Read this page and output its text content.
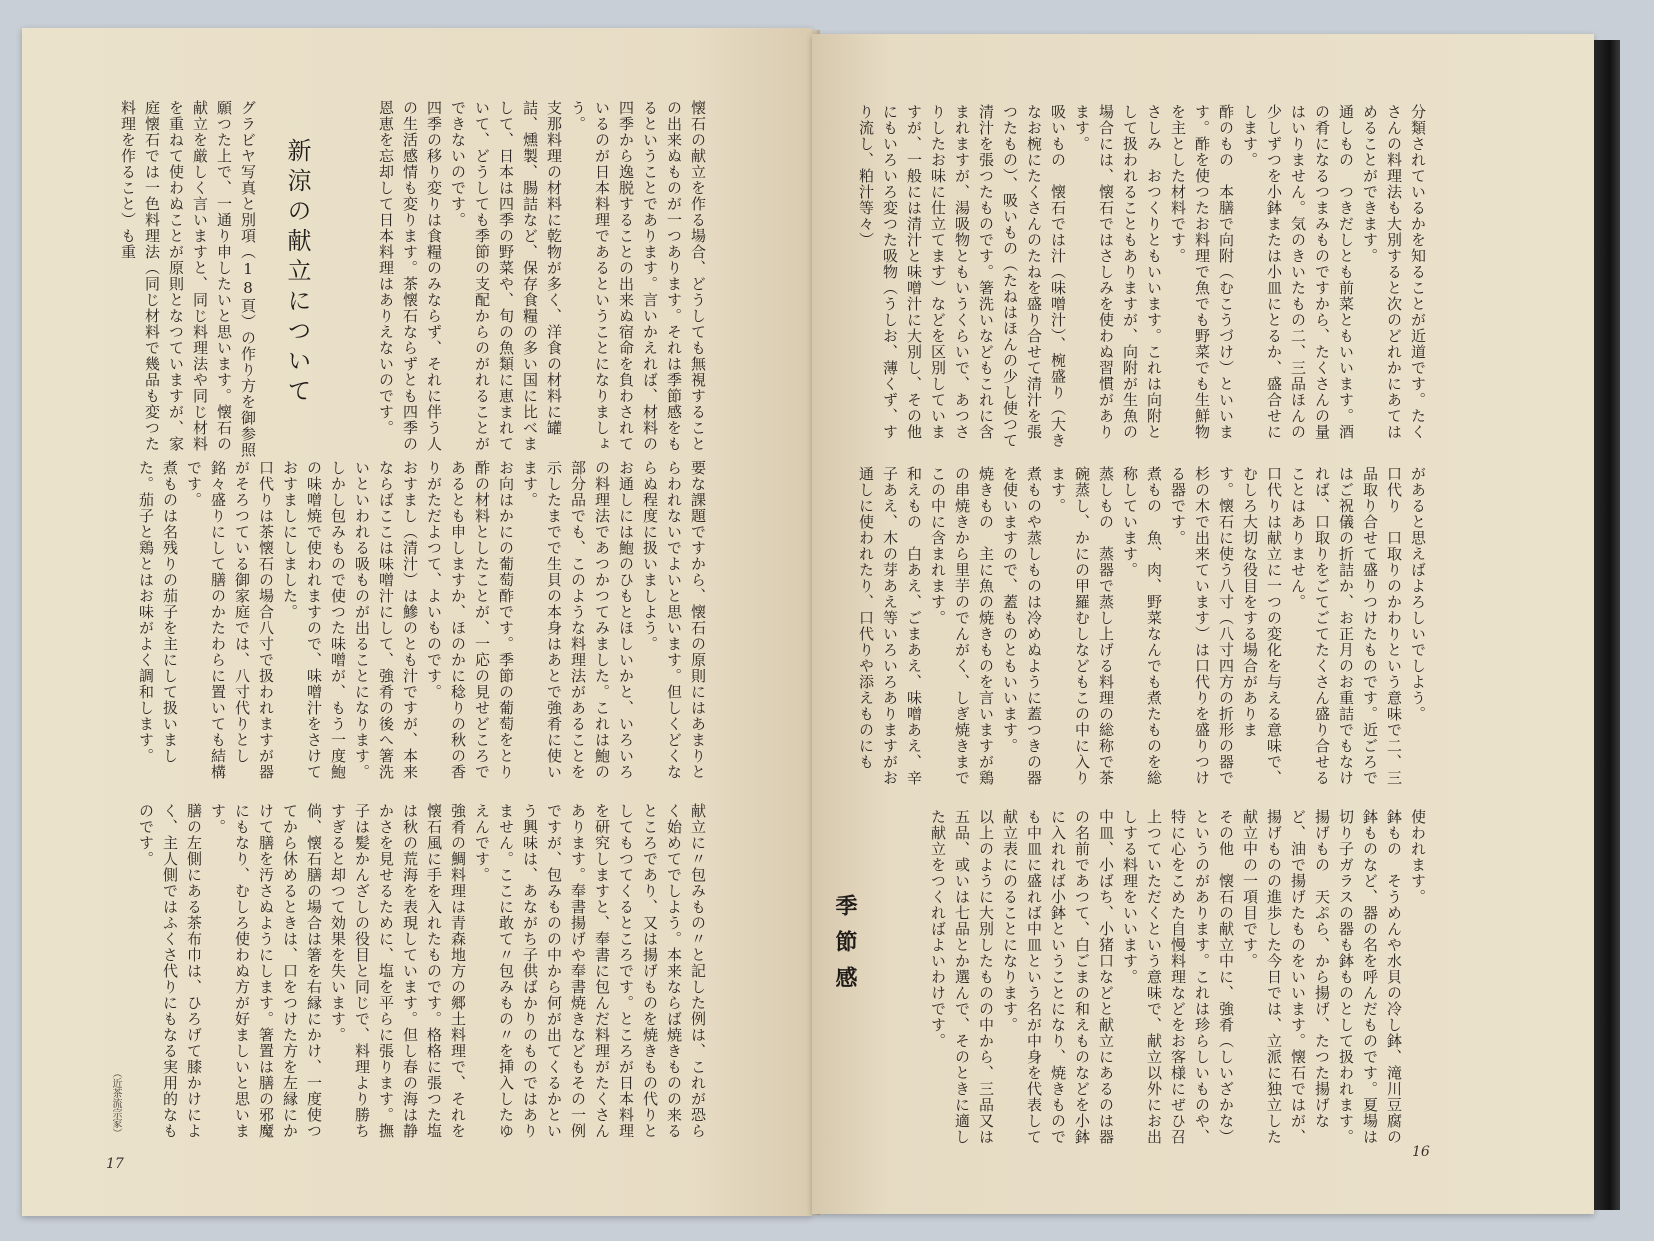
懐石の献立を作る場合、どうしても無視することの出来ぬものが一つあります。それは季節感をもるということであります。言いかえれば、材料の四季から逸脱することの出来ぬ宿命を負わされているのが日本料理であるということになりましょう。
支那料理の材料に乾物が多く、洋食の材料に罐詰、燻製、腸詰など、保存食糧の多い国に比べまして、日本は四季の野菜や、旬の魚類に恵まれていて、どうしても季節の支配からのがれることができないのです。
四季の移り変りは食糧のみならず、それに伴う人の生活感情も変ります。茶懐石ならずとも四季の恩恵を忘却して日本料理はありえないのです。

新涼の献立について

グラビヤ写真と別項（18頁）の作り方を御参照願つた上で、一通り申したいと思います。懐石の献立を厳しく言いますと、同じ料理法や同じ材料を重ねて使わぬことが原則となつていますが、家庭懐石では一色料理法（同じ材料で幾品も変つた料理を作ること）も重

要な課題ですから、懐石の原則にはあまりとらわれないでよいと思います。但しくどくならぬ程度に扱いましよう。
お通しには鮑のひもとほしいかと、いろいろの料理法であつかつてみました。これは鮑の部分品でも、このような料理法があることを示したまでで生貝の本身はあとで強肴に使います。
お向はかにの葡萄酢です。季節の葡萄をとり酢の材料としたことが、一応の見せどころであるとも申しますか、ほのかに稔りの秋の香りがただよつて、よいものです。
おすまし（清汁）は鰺のとも汁ですが、本来ならばここは味噌汁にして、強肴の後へ箸洗いといわれる吸ものが出ることになります。しかし包みもので使つた味噌が、もう一度鮑の味噌焼で使われますので、味噌汁をさけておすましにしました。
口代りは茶懐石の場合八寸で扱われますが器がそろつている御家庭では、八寸代りとし銘々盛りにして膳のかたわらに置いても結構です。
煮ものは名残りの茄子を主にして扱いました。茄子と鶏とはお味がよく調和します。

献立に〃包みもの〃と記した例は、これが恐らく始めてでしよう。本来ならば焼きものの来るところであり、又は揚げものを焼きもの代りとしてもつてくるところです。ところが日本料理を研究しますと、奉書に包んだ料理がたくさんあります。奉書揚げや奉書焼きなどもその一例ですが、包みものの中から何が出てくるかという興味は、あながち子供ばかりのものではありません。ここに敢て〃包みもの〃を挿入したゆえんです。
強肴の鯛料理は青森地方の郷土料理で、それを懐石風に手を入れたものです。格格に張つた塩は秋の荒海を表現しています。但し春の海は静かさを見せるために、塩を平らに張ります。撫子は髪かんざしの役目と同じで、料理より勝ちすぎると却つて効果を失います。
倘、懐石膳の場合は箸を右縁にかけ、一度使つてから休めるときは、口をつけた方を左縁にかけて膳を汚さぬようにします。箸置は膳の邪魔にもなり、むしろ使わぬ方が好ましいと思います。
膳の左側にある茶布巾は、ひろげて膝かけによく、主人側ではふくさ代りにもなる実用的なものです。

（近茶流宗家）
17

分類されているかを知ることが近道です。たくさんの料理法も大別すると次のどれかにあてはめることができます。
通しもの　つきだしとも前菜ともいいます。酒の肴になるつまみものですから、たくさんの量はいりません。気のきいたもの二、三品ほんの少しずつを小鉢または小皿にとるか、盛合せにします。
酢のもの　本膳で向附（むこうづけ）といいます。酢を使つたお料理で魚でも野菜でも生鮮物を主とした材料です。
さしみ　おつくりともいいます。これは向附として扱われることもありますが、向附が生魚の場合には、懐石ではさしみを使わぬ習慣があります。
吸いもの　懐石では汁（味噌汁）、椀盛り（大きなお椀にたくさんのたねを盛り合せて清汁を張つたもの）、吸いもの（たねはほんの少し使つて清汁を張つたものです。箸洗いなどもこれに含まれますが、湯吸物ともいうくらいで、あつさりしたお味に仕立てます）などを区別していますが、一般には清汁と味噌汁に大別し、その他にもいろいろ変つた吸物（うしお、薄くず、すり流し、粕汁等々）

があると思えばよろしいでしよう。
口代り　口取りのかわりという意味で二、三品取り合せて盛りつけたものです。近ごろではご祝儀の折詰か、お正月のお重詰でもなければ、口取りをごてごてたくさん盛り合せることはありません。
口代りは献立に一つの変化を与える意味で、むしろ大切な役目をする場合がありま す。懐石に使う八寸（八寸四方の折形の器で杉の木で出来ています）は口代りを盛りつける器です。
煮もの　魚、肉、野菜なんでも煮たものを総称しています。
蒸しもの　蒸器で蒸し上げる料理の総称で茶碗蒸し、かにの甲羅むしなどもこの中に入ります。
煮ものや蒸しものは冷めぬように蓋つきの器を使いますので、蓋ものともいいます。
焼きもの　主に魚の焼きものを言いますが鶏の串焼きから里芋のでんがく、しぎ焼きまでこの中に含まれます。
和えもの　白あえ、ごまあえ、味噌あえ、辛子あえ、木の芽あえ等いろいろありますがお通しに使われたり、口代りや添えものにも

使われます。
鉢もの　そうめんや水貝の冷し鉢、滝川豆腐の鉢ものなど、器の名を呼んだものです。夏場は切り子ガラスの器も鉢ものとして扱われます。
揚げもの　天ぷら、から揚げ、たつた揚げなど、油で揚げたものをいいます。懐石ではが、揚げものの進歩した今日では、立派に独立した献立中の一項目です。
その他　懐石の献立中に、強肴（しいざかな）というのがあります。これは珍らしいものや、特に心をこめた自慢料理などをお客様にぜひ召上つていただくという意味で、献立以外にお出しする料理をいいます。
中皿、小ばち、小猪口などと献立にあるのは器の名前であつて、白ごまの和えものなどを小鉢に入れれば小鉢ということになり、焼きものでも中皿に盛れば中皿という名が中身を代表して献立表にのることになります。
以上のように大別したものの中から、三品又は五品、或いは七品とか選んで、そのときに適した献立をつくればよいわけです。

季節感
16
